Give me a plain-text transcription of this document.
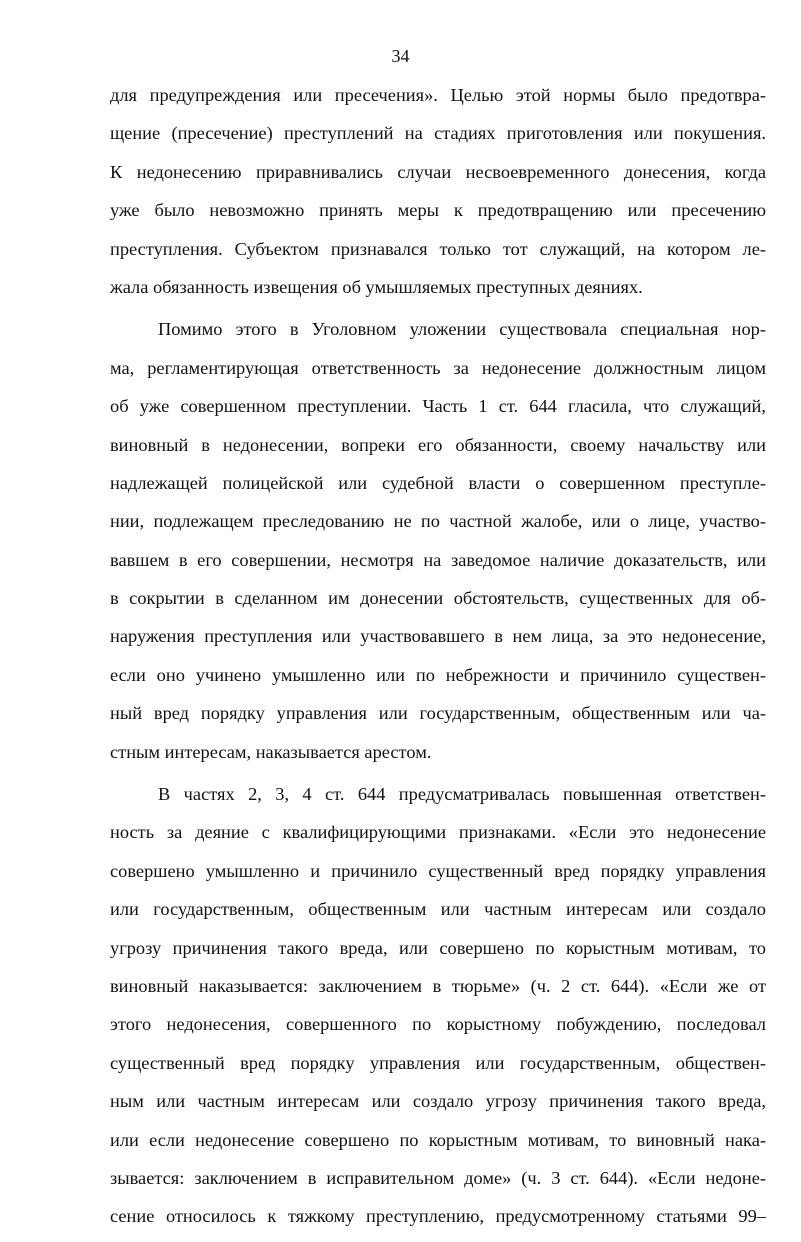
34
для предупреждения или пресечения». Целью этой нормы было предотвра-
щение (пресечение) преступлений на стадиях приготовления или покушения.
К недонесению приравнивались случаи несвоевременного донесения, когда
уже было невозможно принять меры к предотвращению или пресечению
преступления. Субъектом признавался только тот служащий, на котором ле-
жала обязанность извещения об умышляемых преступных деяниях.
Помимо этого в Уголовном уложении существовала специальная нор-
ма, регламентирующая ответственность за недонесение должностным лицом
об уже совершенном преступлении. Часть 1 ст. 644 гласила, что служащий,
виновный в недонесении, вопреки его обязанности, своему начальству или
надлежащей полицейской или судебной власти о совершенном преступле-
нии, подлежащем преследованию не по частной жалобе, или о лице, участво-
вавшем в его совершении, несмотря на заведомое наличие доказательств, или
в сокрытии в сделанном им донесении обстоятельств, существенных для об-
наружения преступления или участвовавшего в нем лица, за это недонесение,
если оно учинено умышленно или по небрежности и причинило существен-
ный вред порядку управления или государственным, общественным или ча-
стным интересам, наказывается арестом.
В частях 2, 3, 4 ст. 644 предусматривалась повышенная ответствен-
ность за деяние с квалифицирующими признаками. «Если это недонесение
совершено умышленно и причинило существенный вред порядку управления
или государственным, общественным или частным интересам или создало
угрозу причинения такого вреда, или совершено по корыстным мотивам, то
виновный наказывается: заключением в тюрьме» (ч. 2 ст. 644). «Если же от
этого недонесения, совершенного по корыстному побуждению, последовал
существенный вред порядку управления или государственным, обществен-
ным или частным интересам или создало угрозу причинения такого вреда,
или если недонесение совершено по корыстным мотивам, то виновный нака-
зывается: заключением в исправительном доме» (ч. 3 ст. 644). «Если недоне-
сение относилось к тяжкому преступлению, предусмотренному статьями 99–
